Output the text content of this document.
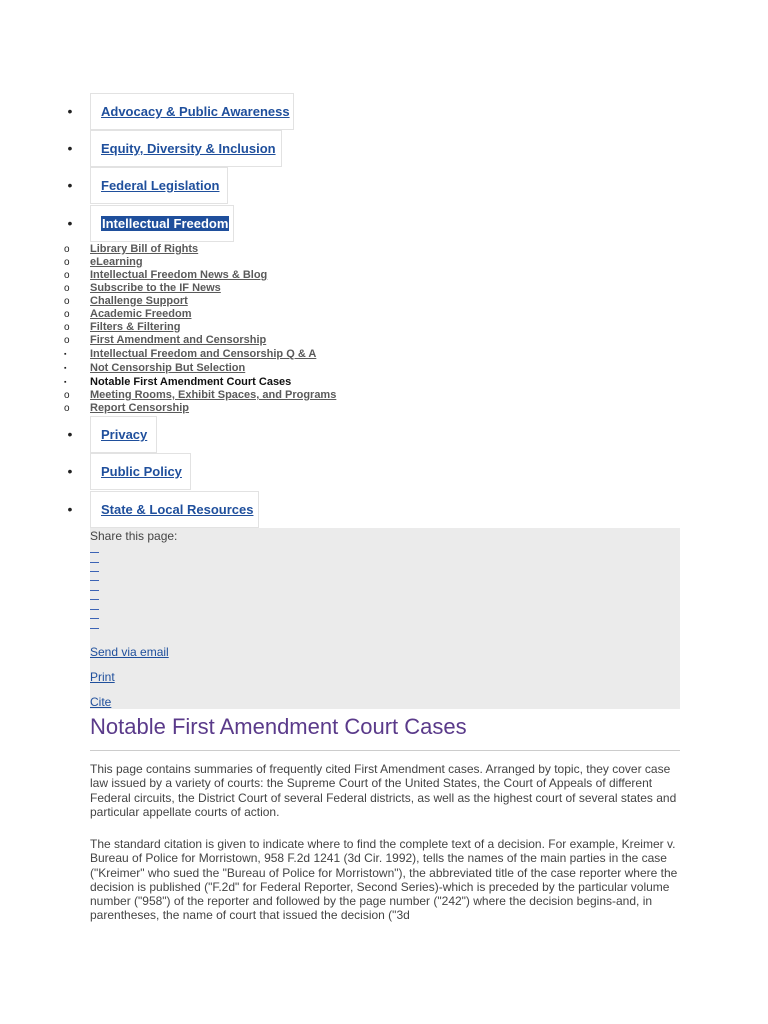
• Advocacy & Public Awareness
• Equity, Diversity & Inclusion
• Federal Legislation
• Intellectual Freedom
o	Library Bill of Rights
o	eLearning
o	Intellectual Freedom News & Blog
o	Subscribe to the IF News
o	Challenge Support
o	Academic Freedom
o	Filters & Filtering
o	First Amendment and Censorship
▪	Intellectual Freedom and Censorship Q & A
▪	Not Censorship But Selection
▪	Notable First Amendment Court Cases
o	Meeting Rooms, Exhibit Spaces, and Programs
o	Report Censorship
• Privacy
• Public Policy
• State & Local Resources
Share this page:
Send via email
Print
Cite
Notable First Amendment Court Cases

This page contains summaries of frequently cited First Amendment cases. Arranged by topic, they cover case law issued by a variety of courts: the Supreme Court of the United States, the Court of Appeals of different Federal circuits, the District Court of several Federal districts, as well as the highest court of several states and particular appellate courts of action.

The standard citation is given to indicate where to find the complete text of a decision. For example, Kreimer v. Bureau of Police for Morristown, 958 F.2d 1241 (3d Cir. 1992), tells the names of the main parties in the case ("Kreimer" who sued the "Bureau of Police for Morristown"), the abbreviated title of the case reporter where the decision is published ("F.2d" for Federal Reporter, Second Series)-which is preceded by the particular volume number ("958") of the reporter and followed by the page number ("242") where the decision begins-and, in parentheses, the name of court that issued the decision ("3d
